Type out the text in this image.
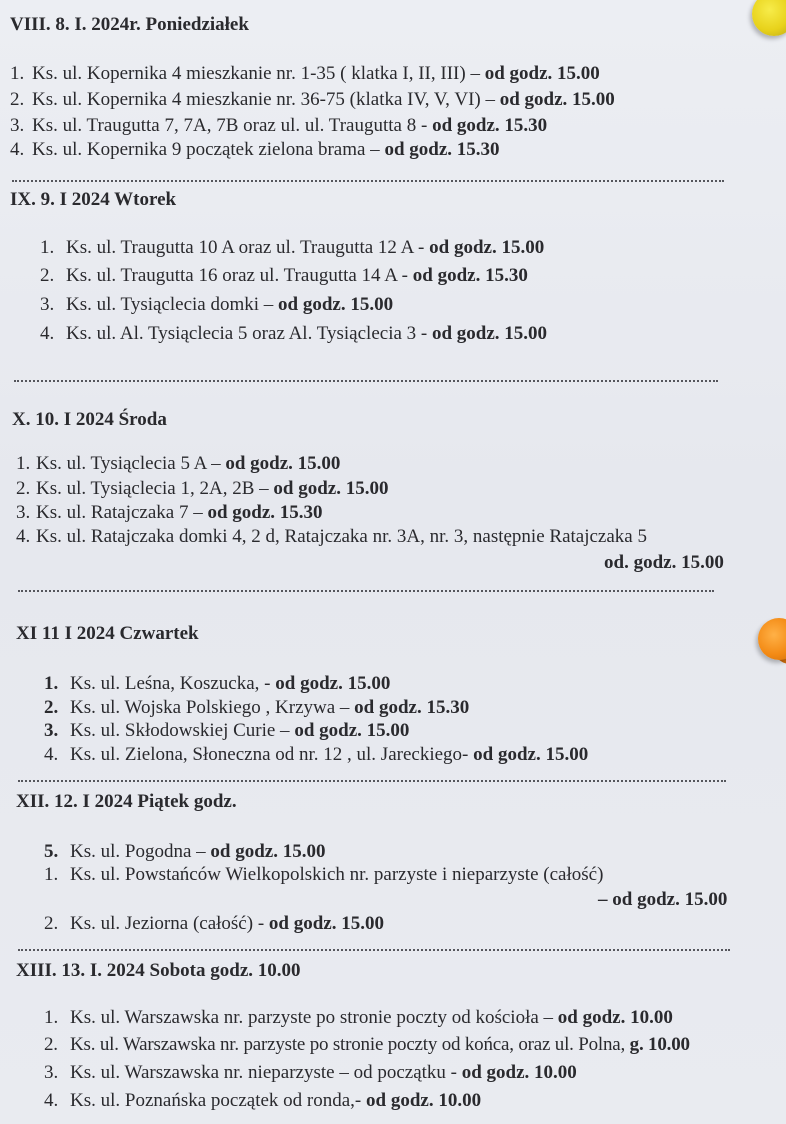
VIII. 8. I. 2024r. Poniedziałek
1. Ks. ul. Kopernika 4 mieszkanie nr. 1-35 ( klatka I, II, III) – od godz. 15.00
2. Ks. ul. Kopernika 4 mieszkanie nr. 36-75 (klatka IV, V, VI) – od godz. 15.00
3. Ks. ul. Traugutta 7, 7A, 7B oraz ul. ul. Traugutta 8 - od godz. 15.30
4. Ks. ul. Kopernika 9 początek zielona brama – od godz. 15.30
IX. 9. I 2024 Wtorek
1. Ks. ul. Traugutta 10 A oraz ul. Traugutta 12 A - od godz. 15.00
2. Ks. ul. Traugutta 16 oraz ul. Traugutta 14 A - od godz. 15.30
3. Ks. ul. Tysiąclecia domki – od godz. 15.00
4. Ks. ul. Al. Tysiąclecia 5 oraz Al. Tysiąclecia 3 - od godz. 15.00
X. 10. I 2024 Środa
1. Ks. ul. Tysiąclecia 5 A – od godz. 15.00
2. Ks. ul. Tysiąclecia 1, 2A, 2B – od godz. 15.00
3. Ks. ul. Ratajczaka 7 – od godz. 15.30
4. Ks. ul. Ratajczaka domki 4, 2 d, Ratajczaka nr. 3A, nr. 3, następnie Ratajczaka 5
od. godz. 15.00
XI 11 I 2024 Czwartek
1. Ks. ul. Leśna, Koszucka, - od godz. 15.00
2. Ks. ul. Wojska Polskiego , Krzywa – od godz. 15.30
3. Ks. ul. Skłodowskiej Curie – od godz. 15.00
4. Ks. ul. Zielona, Słoneczna od nr. 12 , ul. Jareckiego- od godz. 15.00
XII. 12. I 2024 Piątek godz.
5. Ks. ul. Pogodna – od godz. 15.00
1. Ks. ul. Powstańców Wielkopolskich nr. parzyste i nieparzyste (całość)
– od godz. 15.00
2. Ks. ul. Jeziorna (całość) - od godz. 15.00
XIII. 13. I. 2024 Sobota godz. 10.00
1. Ks. ul. Warszawska nr. parzyste po stronie poczty od kościoła – od godz. 10.00
2. Ks. ul. Warszawska nr. parzyste po stronie poczty od końca, oraz ul. Polna, g. 10.00
3. Ks. ul. Warszawska nr. nieparzyste – od początku - od godz. 10.00
4. Ks. ul. Poznańska początek od ronda,- od godz. 10.00
